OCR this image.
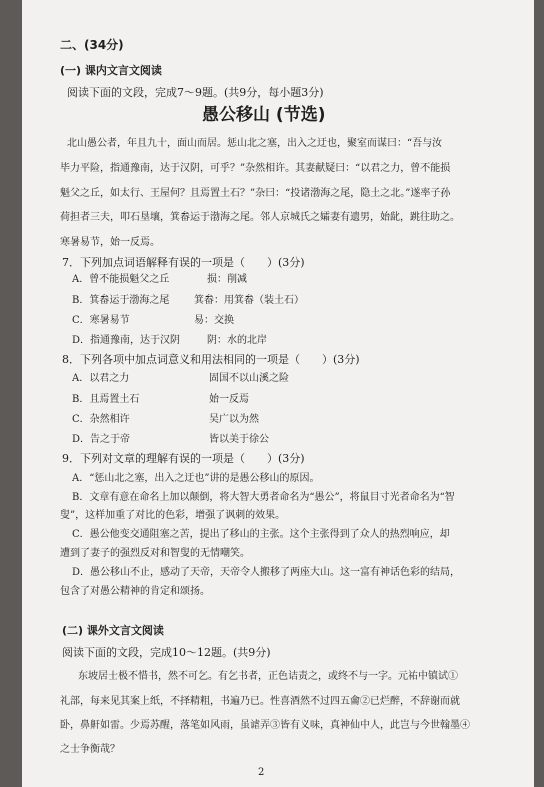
二、(34分)
(一) 课内文言文阅读
阅读下面的文段，完成7～9题。(共9分，每小题3分)
愚公移山 (节选)
北山愚公者，年且九十，面山而居。惩山北之塞，出入之迂也，聚室而谋曰：“吾与汝
毕力平险，指通豫南，达于汉阴，可乎？”杂然相许。其妻献疑曰：“以君之力，曾不能损
魁父之丘，如太行、王屋何？且焉置土石？”杂曰：“投诸渤海之尾，隐土之北。”遂率子孙
荷担者三夫，叩石垦壤，箕畚运于渤海之尾。邻人京城氏之孀妻有遗男，始龀，跳往助之。
寒暑易节，始一反焉。
7．下列加点词语解释有误的一项是（　　）(3分)
A．曾不能损魁父之丘	损：削减
B．箕畚运于渤海之尾 箕畚：用箕畚（装土石）
C．寒暑易节	易：交换
D．指通豫南，达于汉阴	阴：水的北岸
8．下列各项中加点词意义和用法相同的一项是（　　）(3分)
A．以君之力	固国不以山溪之险
B．且焉置土石	始一反焉
C．杂然相许	吴广以为然
D．告之于帝	皆以美于徐公
9．下列对文章的理解有误的一项是（　　）(3分)
A．“惩山北之塞，出入之迂也”讲的是愚公移山的原因。
B．文章有意在命名上加以颠倒，将大智大勇者命名为“愚公”，将鼠目寸光者命名为“智
叟”，这样加重了对比的色彩，增强了讽刺的效果。
C．愚公他变交通阻塞之苦，提出了移山的主张。这个主张得到了众人的热烈响应，却
遭到了妻子的强烈反对和智叟的无情嘲笑。
D．愚公移山不止，感动了天帝，天帝令人搬移了两座大山。这一富有神话色彩的结局，
包含了对愚公精神的肯定和颂扬。
(二) 课外文言文阅读
阅读下面的文段，完成10～12题。(共9分)
东坡居士极不惜书，然不可乞。有乞书者，正色诘责之，或终不与一字。元祐中镇试①
礼部，每来见其案上纸，不择精粗，书遍乃已。性喜酒然不过四五龠②已烂醉，不辞谢而就
卧，鼻鼾如雷。少焉苏醒，落笔如风雨，虽谑弄③皆有义味，真神仙中人，此岂与今世翰墨④
之士争衡哉？
2
